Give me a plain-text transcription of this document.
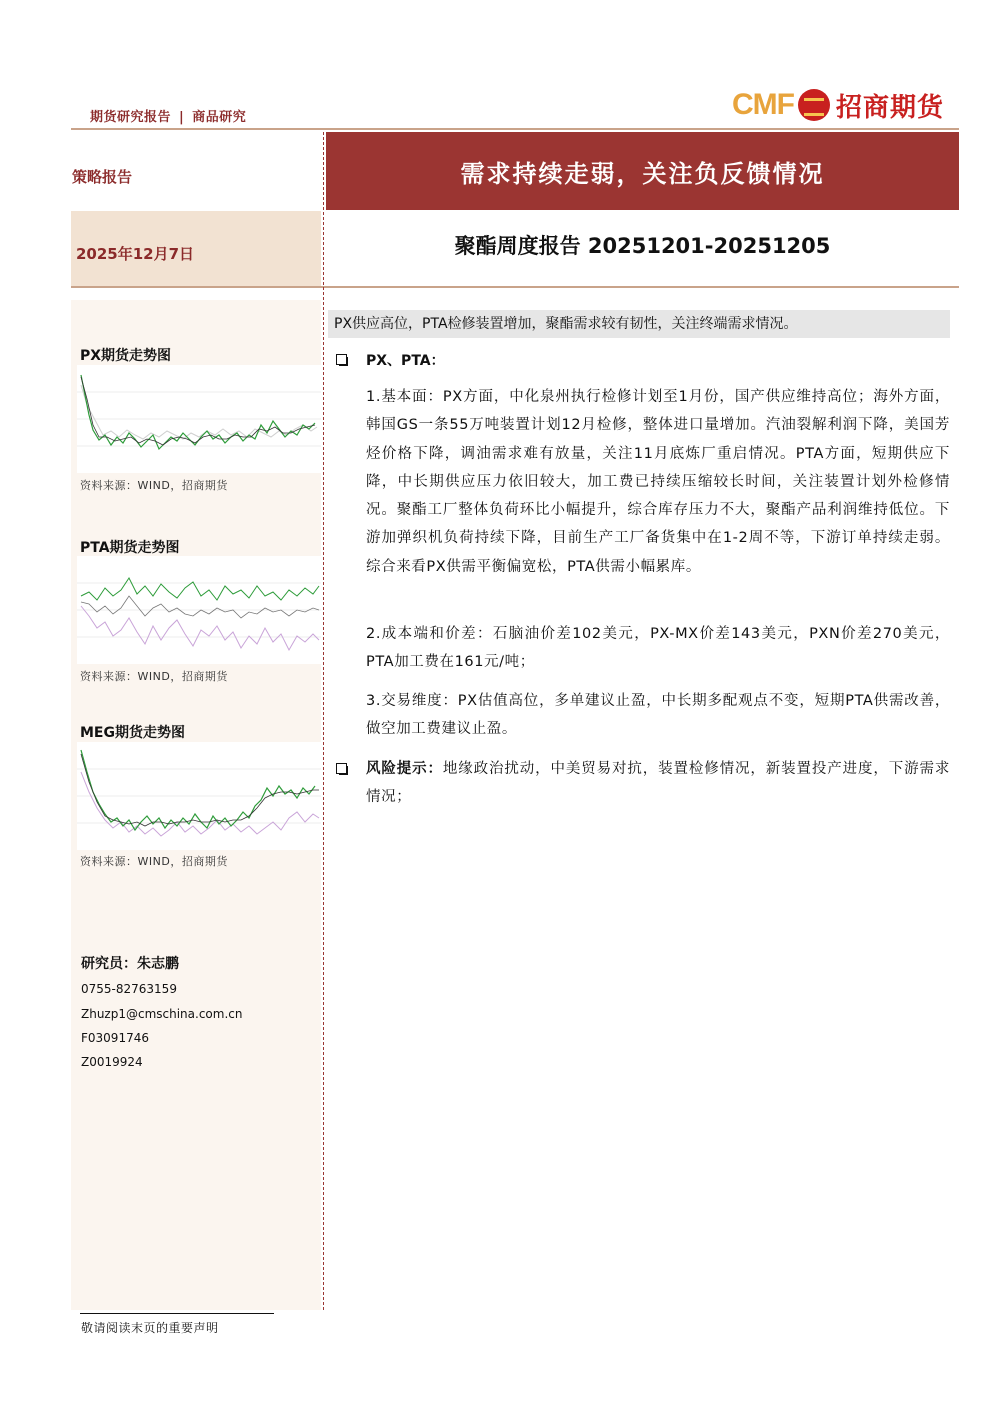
期货研究报告 | 商品研究	CMF 招商期货
策略报告	需求持续走弱，关注负反馈情况
2025年12月7日	聚酯周度报告 20251201-20251205
PX期货走势图
资料来源：WIND，招商期货
PTA期货走势图
资料来源：WIND，招商期货
MEG期货走势图
资料来源：WIND，招商期货
研究员：朱志鹏
0755-82763159
Zhuzp1@cmschina.com.cn
F03091746
Z0019924
PX供应高位，PTA检修装置增加，聚酯需求较有韧性，关注终端需求情况。
PX、PTA：
1.基本面：PX方面，中化泉州执行检修计划至1月份，国产供应维持高位；海外方面，韩国GS一条55万吨装置计划12月检修，整体进口量增加。汽油裂解利润下降，美国芳烃价格下降，调油需求难有放量，关注11月底炼厂重启情况。PTA方面，短期供应下降，中长期供应压力依旧较大，加工费已持续压缩较长时间，关注装置计划外检修情况。聚酯工厂整体负荷环比小幅提升，综合库存压力不大，聚酯产品利润维持低位。下游加弹织机负荷持续下降，目前生产工厂备货集中在1-2周不等，下游订单持续走弱。综合来看PX供需平衡偏宽松，PTA供需小幅累库。
2.成本端和价差：石脑油价差102美元，PX-MX价差143美元，PXN价差270美元，PTA加工费在161元/吨；
3.交易维度：PX估值高位，多单建议止盈，中长期多配观点不变，短期PTA供需改善，做空加工费建议止盈。
风险提示：地缘政治扰动，中美贸易对抗，装置检修情况，新装置投产进度，下游需求情况；
敬请阅读末页的重要声明
